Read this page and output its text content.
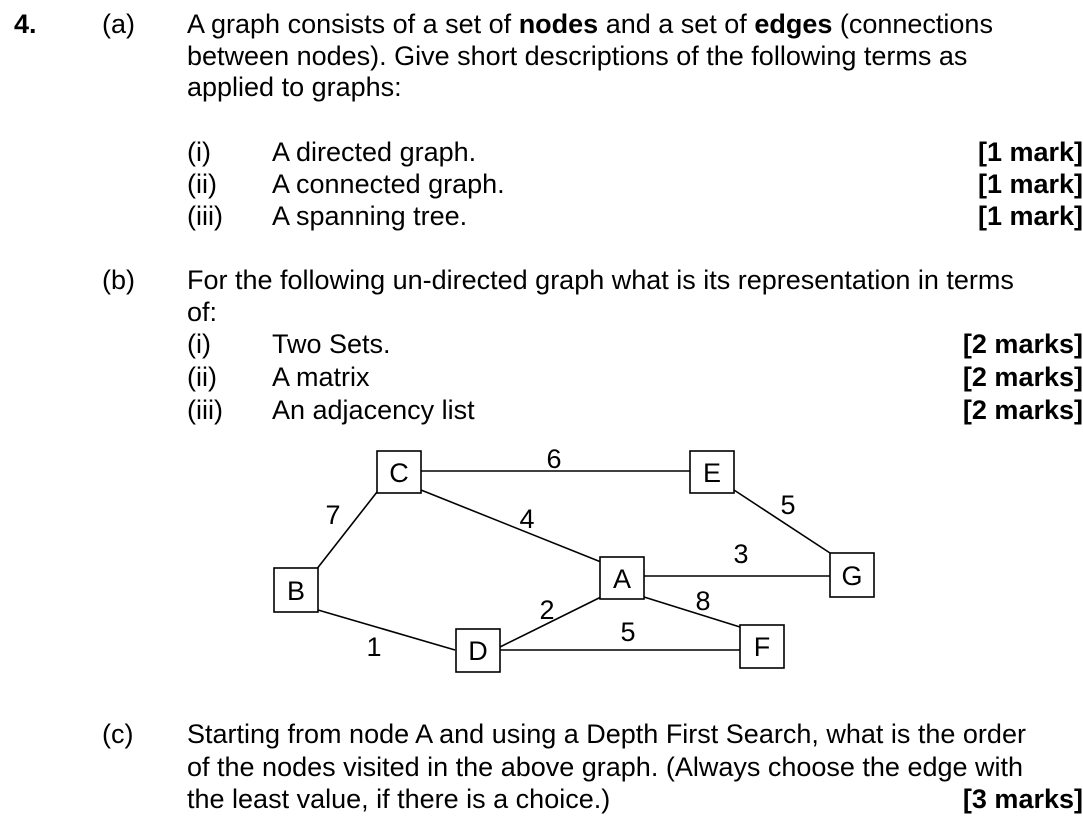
4. (a) A graph consists of a set of nodes and a set of edges (connections
between nodes). Give short descriptions of the following terms as
applied to graphs:
(i) A directed graph.	[1 mark]
(ii) A connected graph.	[1 mark]
(iii) A spanning tree.	[1 mark]
(b) For the following un-directed graph what is its representation in terms
of:
(i) Two Sets.	[2 marks]
(ii) A matrix	[2 marks]
(iii) An adjacency list	[2 marks]
C	E
B	A	G
D	F
6
7	4	5
3
2	8
1	5
(c) Starting from node A and using a Depth First Search, what is the order
of the nodes visited in the above graph. (Always choose the edge with
the least value, if there is a choice.)	[3 marks]
